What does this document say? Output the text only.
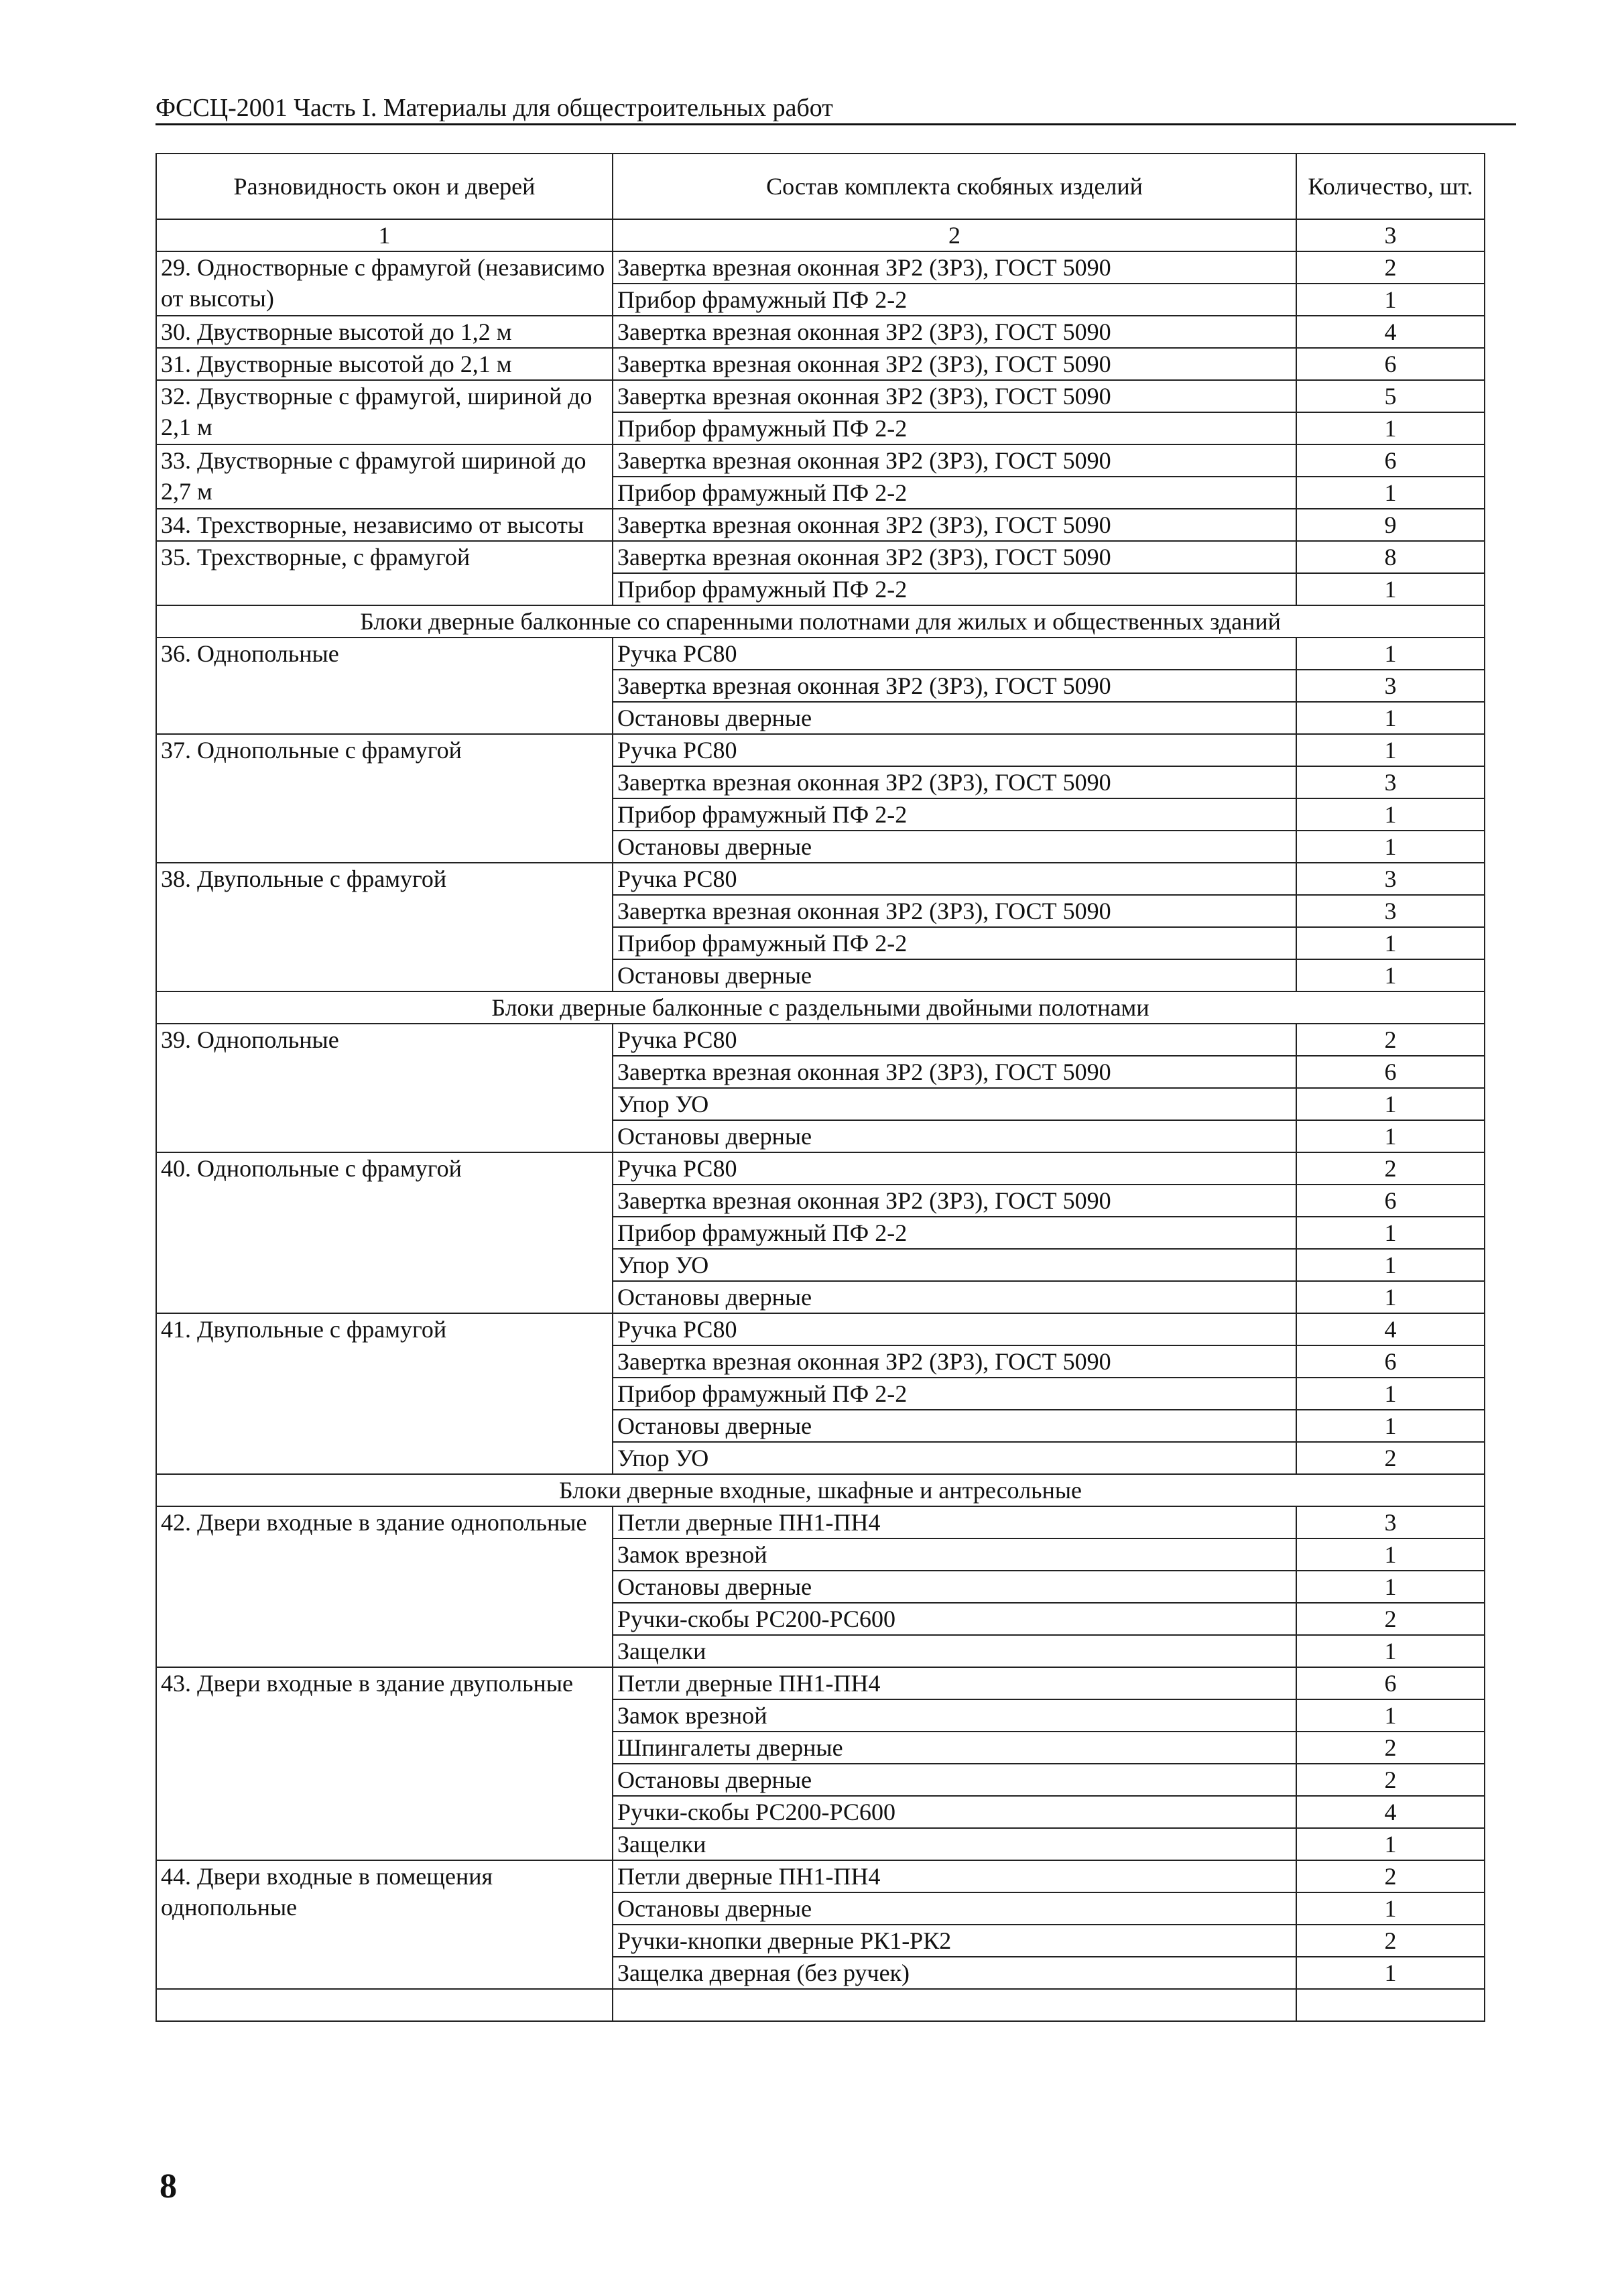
ФССЦ-2001 Часть I. Материалы для общестроительных работ
Разновидность окон и дверей	Состав комплекта скобяных изделий	Количество, шт.
1	2	3
29. Одностворные с фрамугой (независимо от высоты)	Завертка врезная оконная ЗР2 (ЗР3), ГОСТ 5090	2
	Прибор фрамужный ПФ 2-2	1
30. Двустворные высотой до 1,2 м	Завертка врезная оконная ЗР2 (ЗР3), ГОСТ 5090	4
31. Двустворные высотой до 2,1 м	Завертка врезная оконная ЗР2 (ЗР3), ГОСТ 5090	6
32. Двустворные с фрамугой, шириной до 2,1 м	Завертка врезная оконная ЗР2 (ЗР3), ГОСТ 5090	5
	Прибор фрамужный ПФ 2-2	1
33. Двустворные с фрамугой шириной до 2,7 м	Завертка врезная оконная ЗР2 (ЗР3), ГОСТ 5090	6
	Прибор фрамужный ПФ 2-2	1
34. Трехстворные, независимо от высоты	Завертка врезная оконная ЗР2 (ЗР3), ГОСТ 5090	9

35. Трехстворные, с фрамугой	Завертка врезная оконная ЗР2 (ЗР3), ГОСТ 5090	8
	Прибор фрамужный ПФ 2-2	1
Блоки дверные балконные со спаренными полотнами для жилых и общественных зданий		
36. Однопольные	Ручка РС80	1
	Завертка врезная оконная ЗР2 (ЗР3), ГОСТ 5090	3
	Остановы дверные	1
37. Однопольные с фрамугой	Ручка РС80	1
	Завертка врезная оконная ЗР2 (ЗР3), ГОСТ 5090	3
	Прибор фрамужный ПФ 2-2	1
	Остановы дверные	1
38. Двупольные с фрамугой	Ручка РС80	3
	Завертка врезная оконная ЗР2 (ЗР3), ГОСТ 5090	3
	Прибор фрамужный ПФ 2-2	1
	Остановы дверные	1
Блоки дверные балконные с раздельными двойными полотнами		
39. Однопольные	Ручка РС80	2
	Завертка врезная оконная ЗР2 (ЗР3), ГОСТ 5090	6
	Упор УО	1
	Остановы дверные	1
40. Однопольные с фрамугой	Ручка РС80	2
	Завертка врезная оконная ЗР2 (ЗР3), ГОСТ 5090	6
	Прибор фрамужный ПФ 2-2	1
	Упор УО	1
	Остановы дверные	1
41. Двупольные с фрамугой	Ручка РС80	4
	Завертка врезная оконная ЗР2 (ЗР3), ГОСТ 5090	6
	Прибор фрамужный ПФ 2-2	1
	Остановы дверные	1
	Упор УО	2
Блоки дверные входные, шкафные и антресольные		
42. Двери входные в здание однопольные	Петли дверные ПН1-ПН4	3
	Замок врезной	1
	Остановы дверные	1
	Ручки-скобы РС200-РС600	2
	Защелки	1
43. Двери входные в здание двупольные	Петли дверные ПН1-ПН4	6
	Замок врезной	1
	Шпингалеты дверные	2
	Остановы дверные	2
	Ручки-скобы РС200-РС600	4
	Защелки	1
44. Двери входные в помещения однопольные	Петли дверные ПН1-ПН4	2
	Остановы дверные	1
	Ручки-кнопки дверные РК1-РК2	2
	Защелка дверная (без ручек)	1

8
